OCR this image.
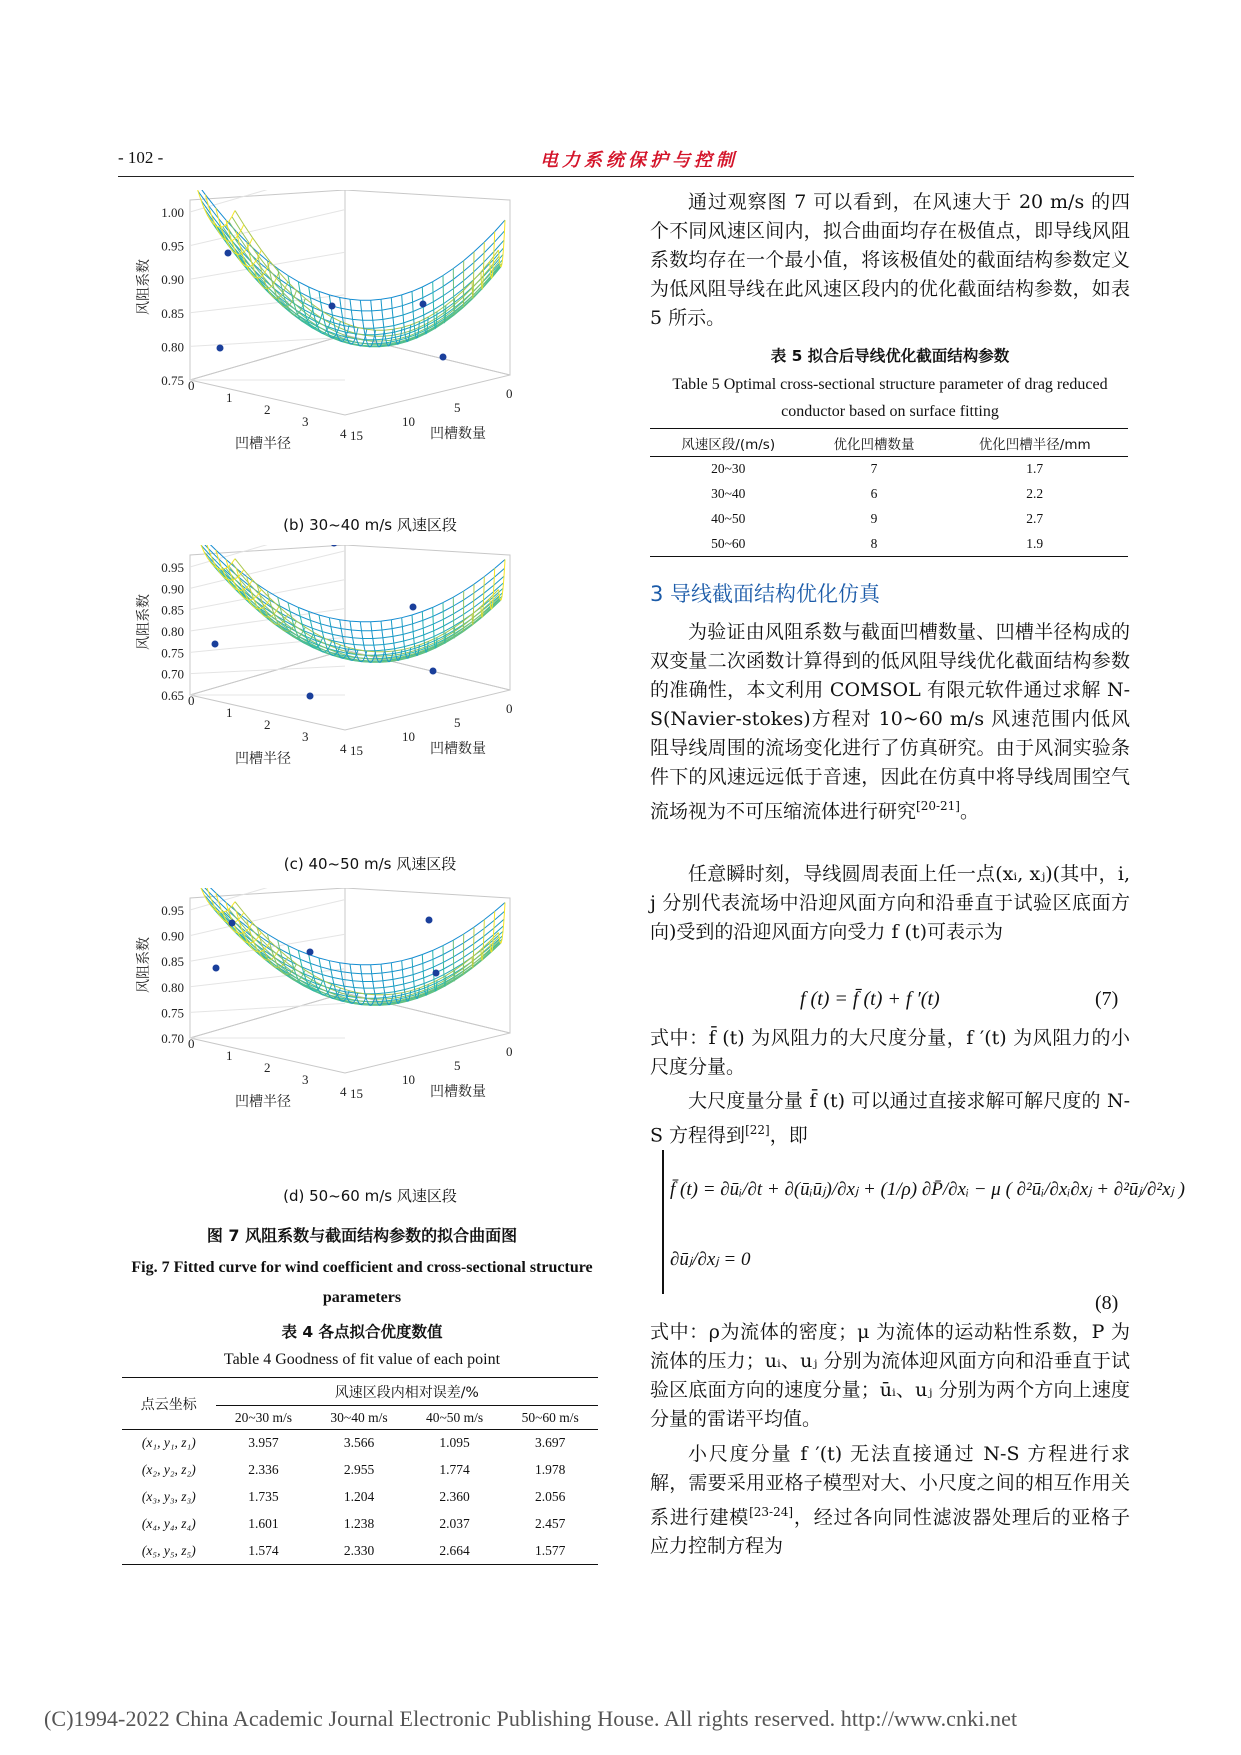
- 102 -	电力系统保护与控制
1.00
0.95
0.90
0.85
0.80
0.75 0
1
2
3
4 15
10
5
0
凹槽半径
凹槽数量
风阻系数
(b) 30~40 m/s 风速区段
0.95
0.90
0.85
0.80
0.75
0.70
0.65 0
1
2
3
4 15
10
5
0
凹槽半径
凹槽数量
风阻系数
(c) 40~50 m/s 风速区段
0.95
0.90
0.85
0.80
0.75
0.70 0
1
2
3
4 15
10
5
0
凹槽半径
凹槽数量
风阻系数
(d) 50~60 m/s 风速区段
图 7 风阻系数与截面结构参数的拟合曲面图
Fig. 7 Fitted curve for wind coefficient and cross-sectional structure parameters
表 4 各点拟合优度数值
Table 4 Goodness of fit value of each point
点云坐标	风速区段内相对误差/%			
	20~30 m/s	30~40 m/s	40~50 m/s	50~60 m/s
(x₁, y₁, z₁)	3.957	3.566	1.095	3.697
(x₂, y₂, z₂)	2.336	2.955	1.774	1.978
(x₃, y₃, z₃)	1.735	1.204	2.360	2.056
(x₄, y₄, z₄)	1.601	1.238	2.037	2.457
(x₅, y₅, z₅)	1.574	2.330	2.664	1.577

通过观察图 7 可以看到，在风速大于 20 m/s 的四个不同风速区间内，拟合曲面均存在极值点，即导线风阻系数均存在一个最小值，将该极值处的截面结构参数定义为低风阻导线在此风速区段内的优化截面结构参数，如表 5 所示。

表 5 拟合后导线优化截面结构参数
Table 5 Optimal cross-sectional structure parameter of drag reduced conductor based on surface fitting
风速区段/(m/s)	优化凹槽数量	优化凹槽半径/mm
20~30	7	1.7
30~40	6	2.2
40~50	9	2.7
50~60	8	1.9
3 导线截面结构优化仿真

为验证由风阻系数与截面凹槽数量、凹槽半径构成的双变量二次函数计算得到的低风阻导线优化截面结构参数的准确性，本文利用 COMSOL 有限元软件通过求解 N-S(Navier-stokes)方程对 10~60 m/s 风速范围内低风阻导线周围的流场变化进行了仿真研究。由于风洞实验条件下的风速远远低于音速，因此在仿真中将导线周围空气流场视为不可压缩流体进行研究[20-21]。

任意瞬时刻，导线圆周表面上任一点(xᵢ, xⱼ)(其中，i, j 分别代表流场中沿迎风面方向和沿垂直于试验区底面方向)受到的沿迎风面方向受力 f (t)可表示为

f (t) = f̄ (t) + f ′(t)	(7)

式中：f̄ (t) 为风阻力的大尺度分量，f ′(t) 为风阻力的小尺度分量。

大尺度量分量 f̄ (t) 可以通过直接求解可解尺度的 N-S 方程得到[22]，即

f̄ (t) = ∂ūᵢ/∂t + ∂(ūᵢūⱼ)/∂xⱼ + (1/ρ) ∂P̄/∂xᵢ − μ ( ∂²ūᵢ/∂xᵢ∂xⱼ + ∂²ūⱼ/∂²xⱼ )
∂ūⱼ/∂xⱼ = 0
(8)

式中：ρ为流体的密度；μ 为流体的运动粘性系数，P 为流体的压力；uᵢ、uⱼ 分别为流体迎风面方向和沿垂直于试验区底面方向的速度分量；ūᵢ、uⱼ 分别为两个方向上速度分量的雷诺平均值。

小尺度分量 f ′(t) 无法直接通过 N-S 方程进行求解，需要采用亚格子模型对大、小尺度之间的相互作用关系进行建模[23-24]，经过各向同性滤波器处理后的亚格子应力控制方程为

(C)1994-2022 China Academic Journal Electronic Publishing House. All rights reserved. http://www.cnki.net
